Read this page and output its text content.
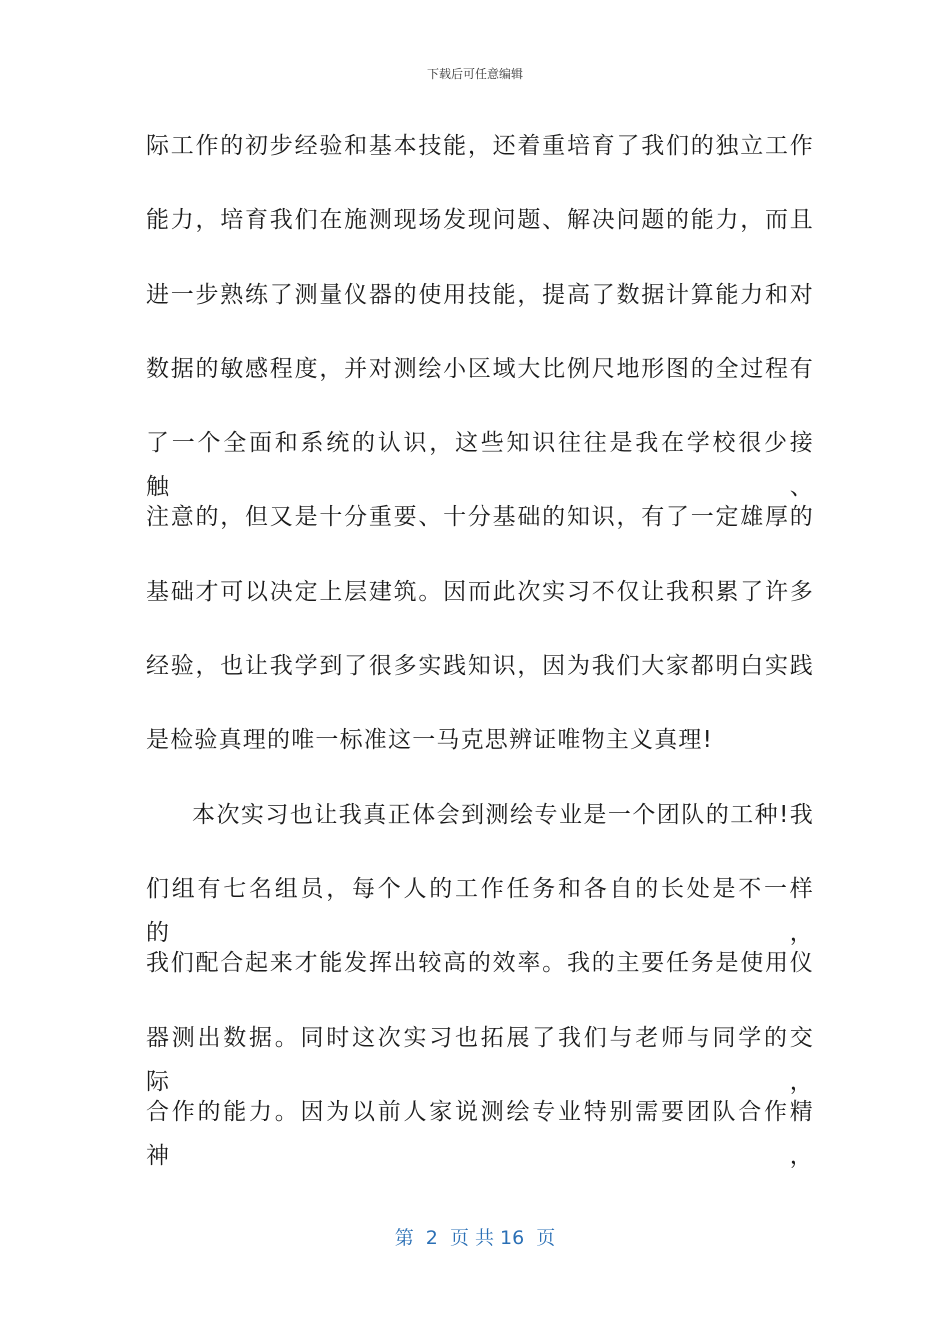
下载后可任意编辑
际工作的初步经验和基本技能，还着重培育了我们的独立工作
能力，培育我们在施测现场发现问题、解决问题的能力，而且
进一步熟练了测量仪器的使用技能，提高了数据计算能力和对
数据的敏感程度，并对测绘小区域大比例尺地形图的全过程有
了一个全面和系统的认识，这些知识往往是我在学校很少接触、
注意的，但又是十分重要、十分基础的知识，有了一定雄厚的
基础才可以决定上层建筑。因而此次实习不仅让我积累了许多
经验，也让我学到了很多实践知识，因为我们大家都明白实践
是检验真理的唯一标准这一马克思辨证唯物主义真理!
本次实习也让我真正体会到测绘专业是一个团队的工种!我
们组有七名组员，每个人的工作任务和各自的长处是不一样的，
我们配合起来才能发挥出较高的效率。我的主要任务是使用仪
器测出数据。同时这次实习也拓展了我们与老师与同学的交际，
合作的能力。因为以前人家说测绘专业特别需要团队合作精神，
第  2  页 共 16  页
